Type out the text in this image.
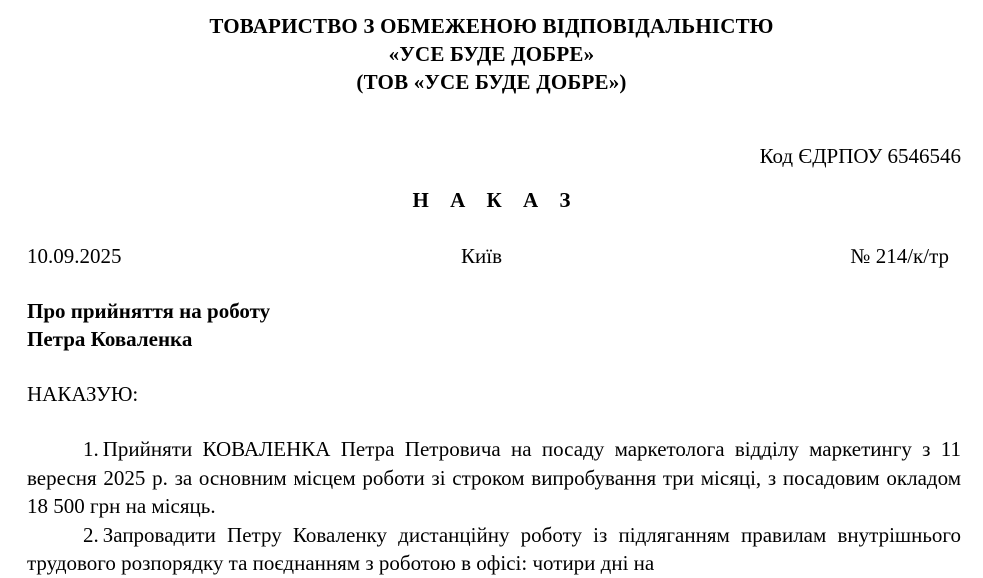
ТОВАРИСТВО З ОБМЕЖЕНОЮ ВІДПОВІДАЛЬНІСТЮ
«УСЕ БУДЕ ДОБРЕ»
(ТОВ «УСЕ БУДЕ ДОБРЕ»)
Код ЄДРПОУ 6546546
Н А К А З
10.09.2025	Київ	№ 214/к/тр
Про прийняття на роботу
Петра Коваленка
НАКАЗУЮ:

1. Прийняти КОВАЛЕНКА Петра Петровича на посаду маркетолога відділу маркетингу з 11 вересня 2025 р. за основним місцем роботи зі строком випробування три місяці, з посадовим окладом 18 500 грн на місяць.

2. Запровадити Петру Коваленку дистанційну роботу із підляганням правилам внутрішнього трудового розпорядку та поєднанням з роботою в офісі: чотири дні на
